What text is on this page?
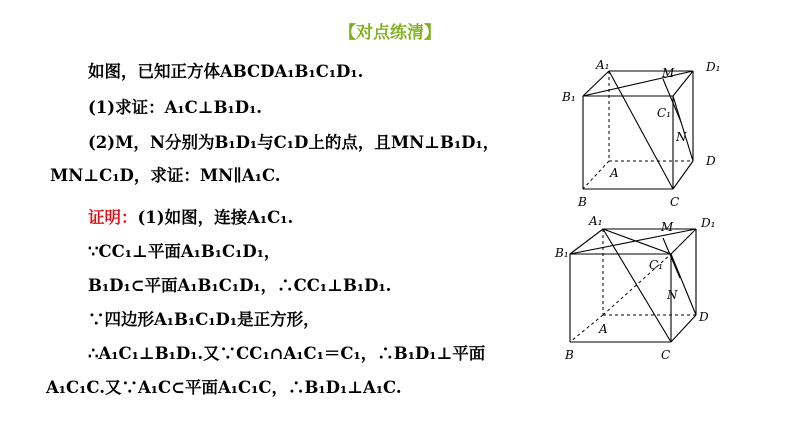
【对点练清】
如图，已知正方体ABCDA₁B₁C₁D₁.
(1)求证：A₁C⊥B₁D₁.
(2)M，N分别为B₁D₁与C₁D上的点，且MN⊥B₁D₁，
MN⊥C₁D，求证：MN∥A₁C.
证明：(1)如图，连接A₁C₁.
∵CC₁⊥平面A₁B₁C₁D₁，
B₁D₁⊂平面A₁B₁C₁D₁，∴CC₁⊥B₁D₁.
∵四边形A₁B₁C₁D₁是正方形，
∴A₁C₁⊥B₁D₁.又∵CC₁∩A₁C₁＝C₁，∴B₁D₁⊥平面
A₁C₁C.又∵A₁C⊂平面A₁C₁C，∴B₁D₁⊥A₁C.
A₁
M	D₁
B₁
C₁
N
A
D
B	C
A₁	M D₁
B₁
C₁
N
A
D
B	C
